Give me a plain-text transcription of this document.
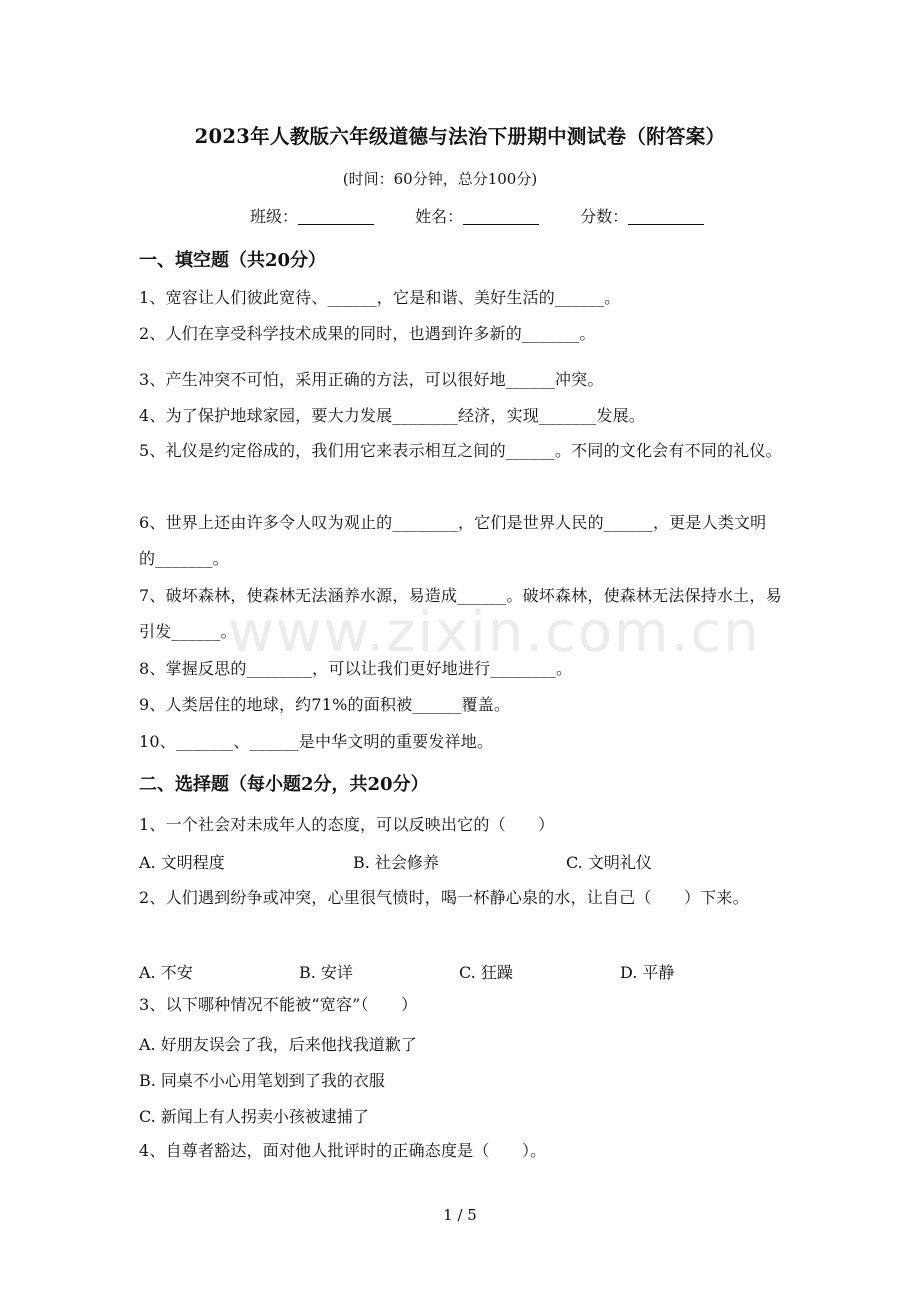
www.zixin.com.cn
2023年人教版六年级道德与法治下册期中测试卷（附答案）
(时间：60分钟，总分100分)
班级：	姓名：	分数：
一、填空题（共20分）
1、宽容让人们彼此宽待、______，它是和谐、美好生活的______。
2、人们在享受科学技术成果的同时，也遇到许多新的_______。
3、产生冲突不可怕，采用正确的方法，可以很好地______冲突。
4、为了保护地球家园，要大力发展________经济，实现_______发展。
5、礼仪是约定俗成的，我们用它来表示相互之间的______。不同的文化会有不同的礼仪。
6、世界上还由许多令人叹为观止的________，它们是世界人民的______，更是人类文明的_______。
7、破坏森林，使森林无法涵养水源，易造成______。破坏森林，使森林无法保持水土，易引发______。
8、掌握反思的________，可以让我们更好地进行________。
9、人类居住的地球，约71%的面积被______覆盖。
10、_______、______是中华文明的重要发祥地。
二、选择题（每小题2分，共20分）
1、一个社会对未成年人的态度，可以反映出它的（　　）
A. 文明程度	B. 社会修养	C. 文明礼仪
2、人们遇到纷争或冲突，心里很气愤时，喝一杯静心泉的水，让自己（　　）下来。
A. 不安	B. 安详	C. 狂躁	D. 平静
3、以下哪种情况不能被“宽容”（　　）
A. 好朋友误会了我，后来他找我道歉了
B. 同桌不小心用笔划到了我的衣服
C. 新闻上有人拐卖小孩被逮捕了
4、自尊者豁达，面对他人批评时的正确态度是（　　）。
1 / 5
